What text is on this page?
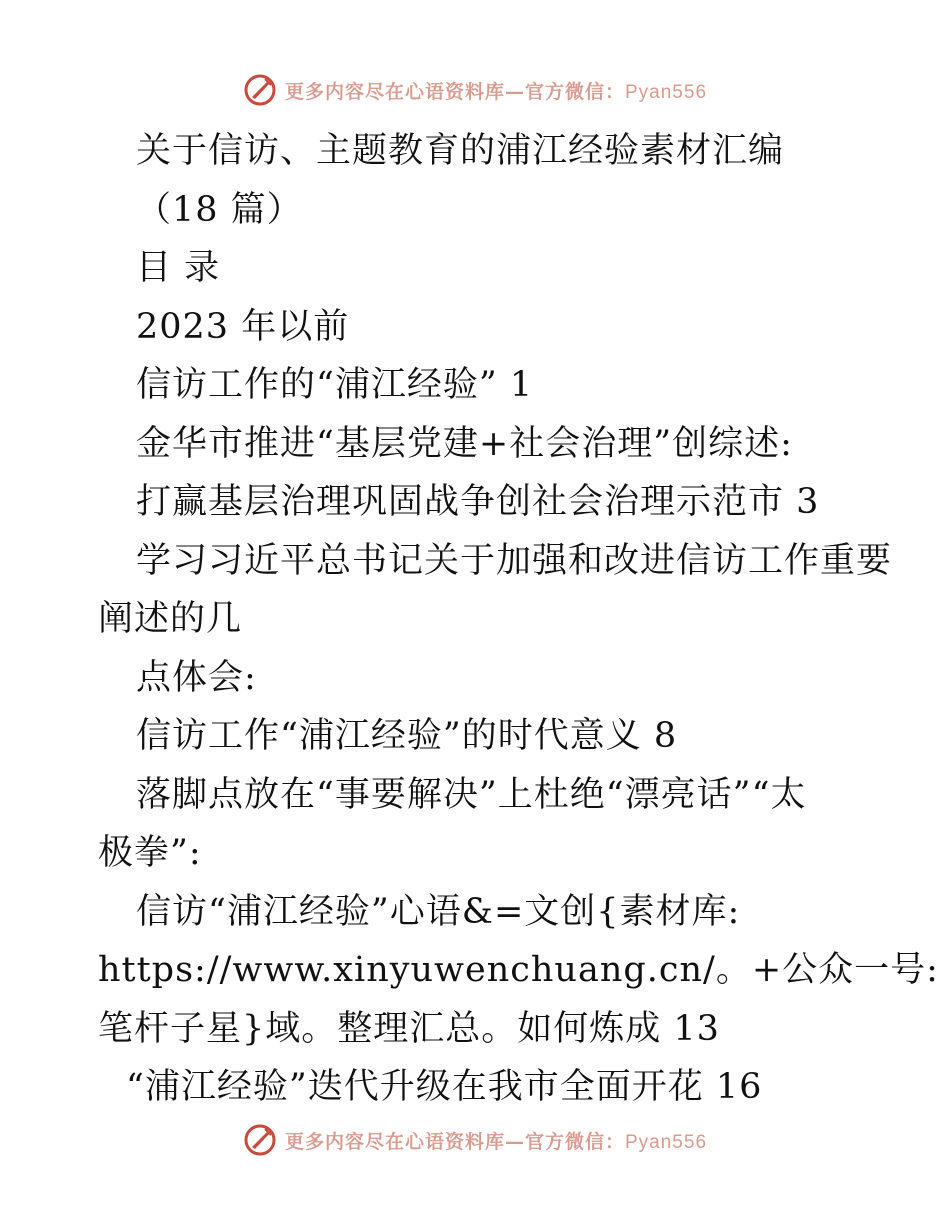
更多内容尽在心语资料库—官方微信：Pyan556
关于信访、主题教育的浦江经验素材汇编
（18 篇）
目 录
2023 年以前
信访工作的“浦江经验” 1
金华市推进“基层党建+社会治理”创综述:
打赢基层治理巩固战争创社会治理示范市 3
学习习近平总书记关于加强和改进信访工作重要
阐述的几
点体会:
信访工作“浦江经验”的时代意义 8
落脚点放在“事要解决”上杜绝“漂亮话”“太
极拳”:
信访“浦江经验”心语&=文创{素材库:
https://www.xinyuwenchuang.cn/。+公众一号:
笔杆子星}域。整理汇总。如何炼成 13
“浦江经验”迭代升级在我市全面开花 16
更多内容尽在心语资料库—官方微信：Pyan556
